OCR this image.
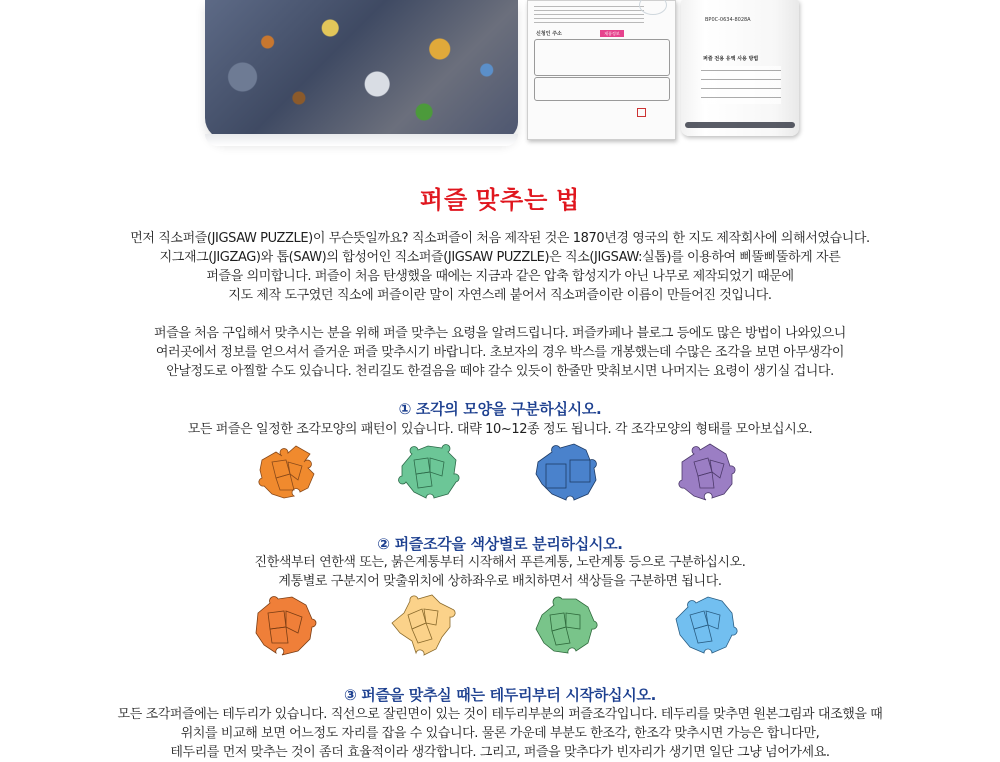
신청인 주소	제품정보
BP0C-0634-8028A
퍼즐 전용 유액 사용 방법
퍼즐 맞추는 법
먼저 직소퍼즐(JIGSAW PUZZLE)이 무슨뜻일까요? 직소퍼즐이 처음 제작된 것은 1870년경 영국의 한 지도 제작회사에 의해서였습니다.
지그재그(JIGZAG)와 톱(SAW)의 합성어인 직소퍼즐(JIGSAW PUZZLE)은 직소(JIGSAW:실톱)를 이용하여 삐뚤삐뚤하게 자른
퍼즐을 의미합니다. 퍼즐이 처음 탄생했을 때에는 지금과 같은 압축 합성지가 아닌 나무로 제작되었기 때문에
지도 제작 도구였던 직소에 퍼즐이란 말이 자연스레 붙어서 직소퍼즐이란 이름이 만들어진 것입니다.
퍼즐을 처음 구입해서 맞추시는 분을 위해 퍼즐 맞추는 요령을 알려드립니다. 퍼즐카페나 블로그 등에도 많은 방법이 나와있으니
여러곳에서 정보를 얻으셔서 즐거운 퍼즐 맞추시기 바랍니다. 초보자의 경우 박스를 개봉했는데 수많은 조각을 보면 아무생각이
안날정도로 아찔할 수도 있습니다. 천리길도 한걸음을 떼야 갈수 있듯이 한줄만 맞춰보시면 나머지는 요령이 생기실 겁니다.
① 조각의 모양을 구분하십시오.
모든 퍼즐은 일정한 조각모양의 패턴이 있습니다. 대략 10~12종 정도 됩니다. 각 조각모양의 형태를 모아보십시오.
② 퍼즐조각을 색상별로 분리하십시오.
진한색부터 연한색 또는, 붉은계통부터 시작해서 푸른계통, 노란계통 등으로 구분하십시오.
계통별로 구분지어 맞출위치에 상하좌우로 배치하면서 색상들을 구분하면 됩니다.
③ 퍼즐을 맞추실 때는 테두리부터 시작하십시오.
모든 조각퍼즐에는 테두리가 있습니다. 직선으로 잘린면이 있는 것이 테두리부분의 퍼즐조각입니다. 테두리를 맞추면 원본그림과 대조했을 때
위치를 비교해 보면 어느정도 자리를 잡을 수 있습니다. 물론 가운데 부분도 한조각, 한조각 맞추시면 가능은 합니다만,
테두리를 먼저 맞추는 것이 좀더 효율적이라 생각합니다. 그리고, 퍼즐을 맞추다가 빈자리가 생기면 일단 그냥 넘어가세요.
